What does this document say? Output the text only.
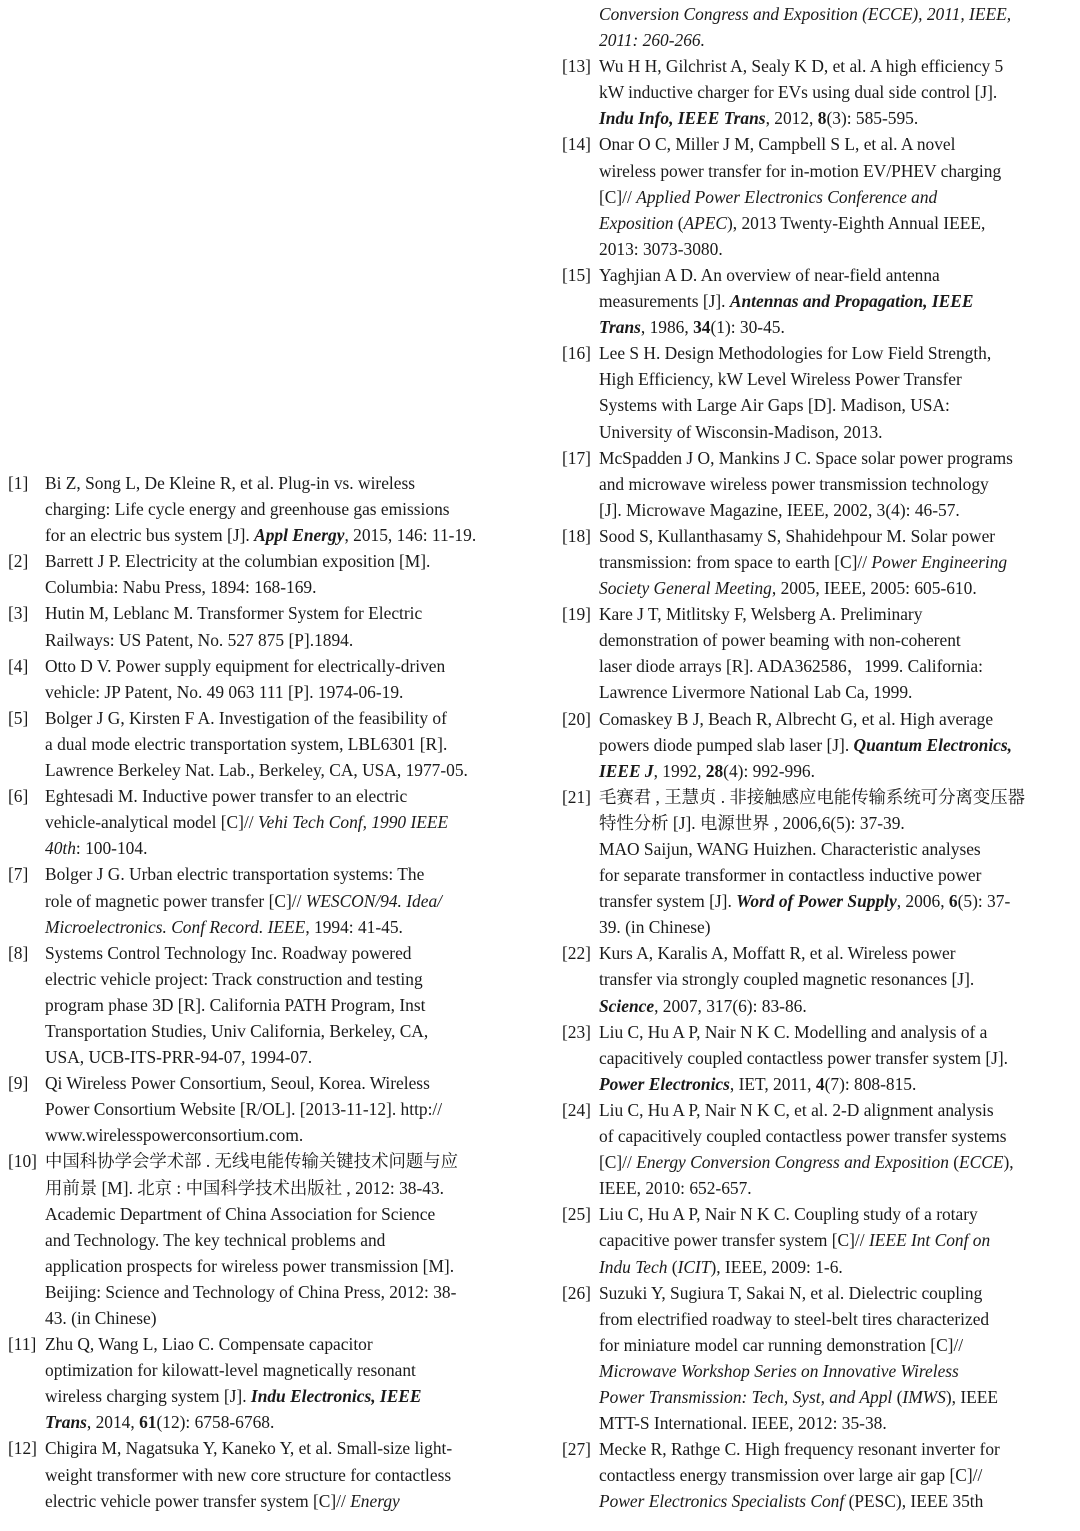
[1] Bi Z, Song L, De Kleine R, et al. Plug-in vs. wireless
charging: Life cycle energy and greenhouse gas emissions
for an electric bus system [J]. Appl Energy, 2015, 146: 11-19.
[2] Barrett J P. Electricity at the columbian exposition [M].
Columbia: Nabu Press, 1894: 168-169.
[3] Hutin M, Leblanc M. Transformer System for Electric
Railways: US Patent, No. 527 875 [P].1894.
[4] Otto D V. Power supply equipment for electrically-driven
vehicle: JP Patent, No. 49 063 111 [P]. 1974-06-19.
[5] Bolger J G, Kirsten F A. Investigation of the feasibility of
a dual mode electric transportation system, LBL6301 [R].
Lawrence Berkeley Nat. Lab., Berkeley, CA, USA, 1977-05.
[6] Eghtesadi M. Inductive power transfer to an electric
vehicle-analytical model [C]// Vehi Tech Conf, 1990 IEEE
40th: 100-104.
[7] Bolger J G. Urban electric transportation systems: The
role of magnetic power transfer [C]// WESCON/94. Idea/
Microelectronics. Conf Record. IEEE, 1994: 41-45.
[8] Systems Control Technology Inc. Roadway powered
electric vehicle project: Track construction and testing
program phase 3D [R]. California PATH Program, Inst
Transportation Studies, Univ California, Berkeley, CA,
USA, UCB-ITS-PRR-94-07, 1994-07.
[9] Qi Wireless Power Consortium, Seoul, Korea. Wireless
Power Consortium Website [R/OL]. [2013-11-12]. http://
www.wirelesspowerconsortium.com.
[10] 中国科协学会学术部 . 无线电能传输关键技术问题与应
用前景 [M]. 北京 : 中国科学技术出版社 , 2012: 38-43.
Academic Department of China Association for Science
and Technology. The key technical problems and
application prospects for wireless power transmission [M].
Beijing: Science and Technology of China Press, 2012: 38-
43. (in Chinese)
[11] Zhu Q, Wang L, Liao C. Compensate capacitor
optimization for kilowatt-level magnetically resonant
wireless charging system [J]. Indu Electronics, IEEE
Trans, 2014, 61(12): 6758-6768.
[12] Chigira M, Nagatsuka Y, Kaneko Y, et al. Small-size light-
weight transformer with new core structure for contactless
electric vehicle power transfer system [C]// Energy
Conversion Congress and Exposition (ECCE), 2011, IEEE,
2011: 260-266.
[13] Wu H H, Gilchrist A, Sealy K D, et al. A high efficiency 5
kW inductive charger for EVs using dual side control [J].
Indu Info, IEEE Trans, 2012, 8(3): 585-595.
[14] Onar O C, Miller J M, Campbell S L, et al. A novel
wireless power transfer for in-motion EV/PHEV charging
[C]// Applied Power Electronics Conference and
Exposition (APEC), 2013 Twenty-Eighth Annual IEEE,
2013: 3073-3080.
[15] Yaghjian A D. An overview of near-field antenna
measurements [J]. Antennas and Propagation, IEEE
Trans, 1986, 34(1): 30-45.
[16] Lee S H. Design Methodologies for Low Field Strength,
High Efficiency, kW Level Wireless Power Transfer
Systems with Large Air Gaps [D]. Madison, USA:
University of Wisconsin-Madison, 2013.
[17] McSpadden J O, Mankins J C. Space solar power programs
and microwave wireless power transmission technology
[J]. Microwave Magazine, IEEE, 2002, 3(4): 46-57.
[18] Sood S, Kullanthasamy S, Shahidehpour M. Solar power
transmission: from space to earth [C]// Power Engineering
Society General Meeting, 2005, IEEE, 2005: 605-610.
[19] Kare J T, Mitlitsky F, Welsberg A. Preliminary
demonstration of power beaming with non-coherent
laser diode arrays [R]. ADA362586，1999. California:
Lawrence Livermore National Lab Ca, 1999.
[20] Comaskey B J, Beach R, Albrecht G, et al. High average
powers diode pumped slab laser [J]. Quantum Electronics,
IEEE J, 1992, 28(4): 992-996.
[21] 毛赛君 , 王慧贞 . 非接触感应电能传输系统可分离变压器
特性分析 [J]. 电源世界 , 2006,6(5): 37-39.
MAO Saijun, WANG Huizhen. Characteristic analyses
for separate transformer in contactless inductive power
transfer system [J]. Word of Power Supply, 2006, 6(5): 37-
39. (in Chinese)
[22] Kurs A, Karalis A, Moffatt R, et al. Wireless power
transfer via strongly coupled magnetic resonances [J].
Science, 2007, 317(6): 83-86.
[23] Liu C, Hu A P, Nair N K C. Modelling and analysis of a
capacitively coupled contactless power transfer system [J].
Power Electronics, IET, 2011, 4(7): 808-815.
[24] Liu C, Hu A P, Nair N K C, et al. 2-D alignment analysis
of capacitively coupled contactless power transfer systems
[C]// Energy Conversion Congress and Exposition (ECCE),
IEEE, 2010: 652-657.
[25] Liu C, Hu A P, Nair N K C. Coupling study of a rotary
capacitive power transfer system [C]// IEEE Int Conf on
Indu Tech (ICIT), IEEE, 2009: 1-6.
[26] Suzuki Y, Sugiura T, Sakai N, et al. Dielectric coupling
from electrified roadway to steel-belt tires characterized
for miniature model car running demonstration [C]//
Microwave Workshop Series on Innovative Wireless
Power Transmission: Tech, Syst, and Appl (IMWS), IEEE
MTT-S International. IEEE, 2012: 35-38.
[27] Mecke R, Rathge C. High frequency resonant inverter for
contactless energy transmission over large air gap [C]//
Power Electronics Specialists Conf (PESC), IEEE 35th
